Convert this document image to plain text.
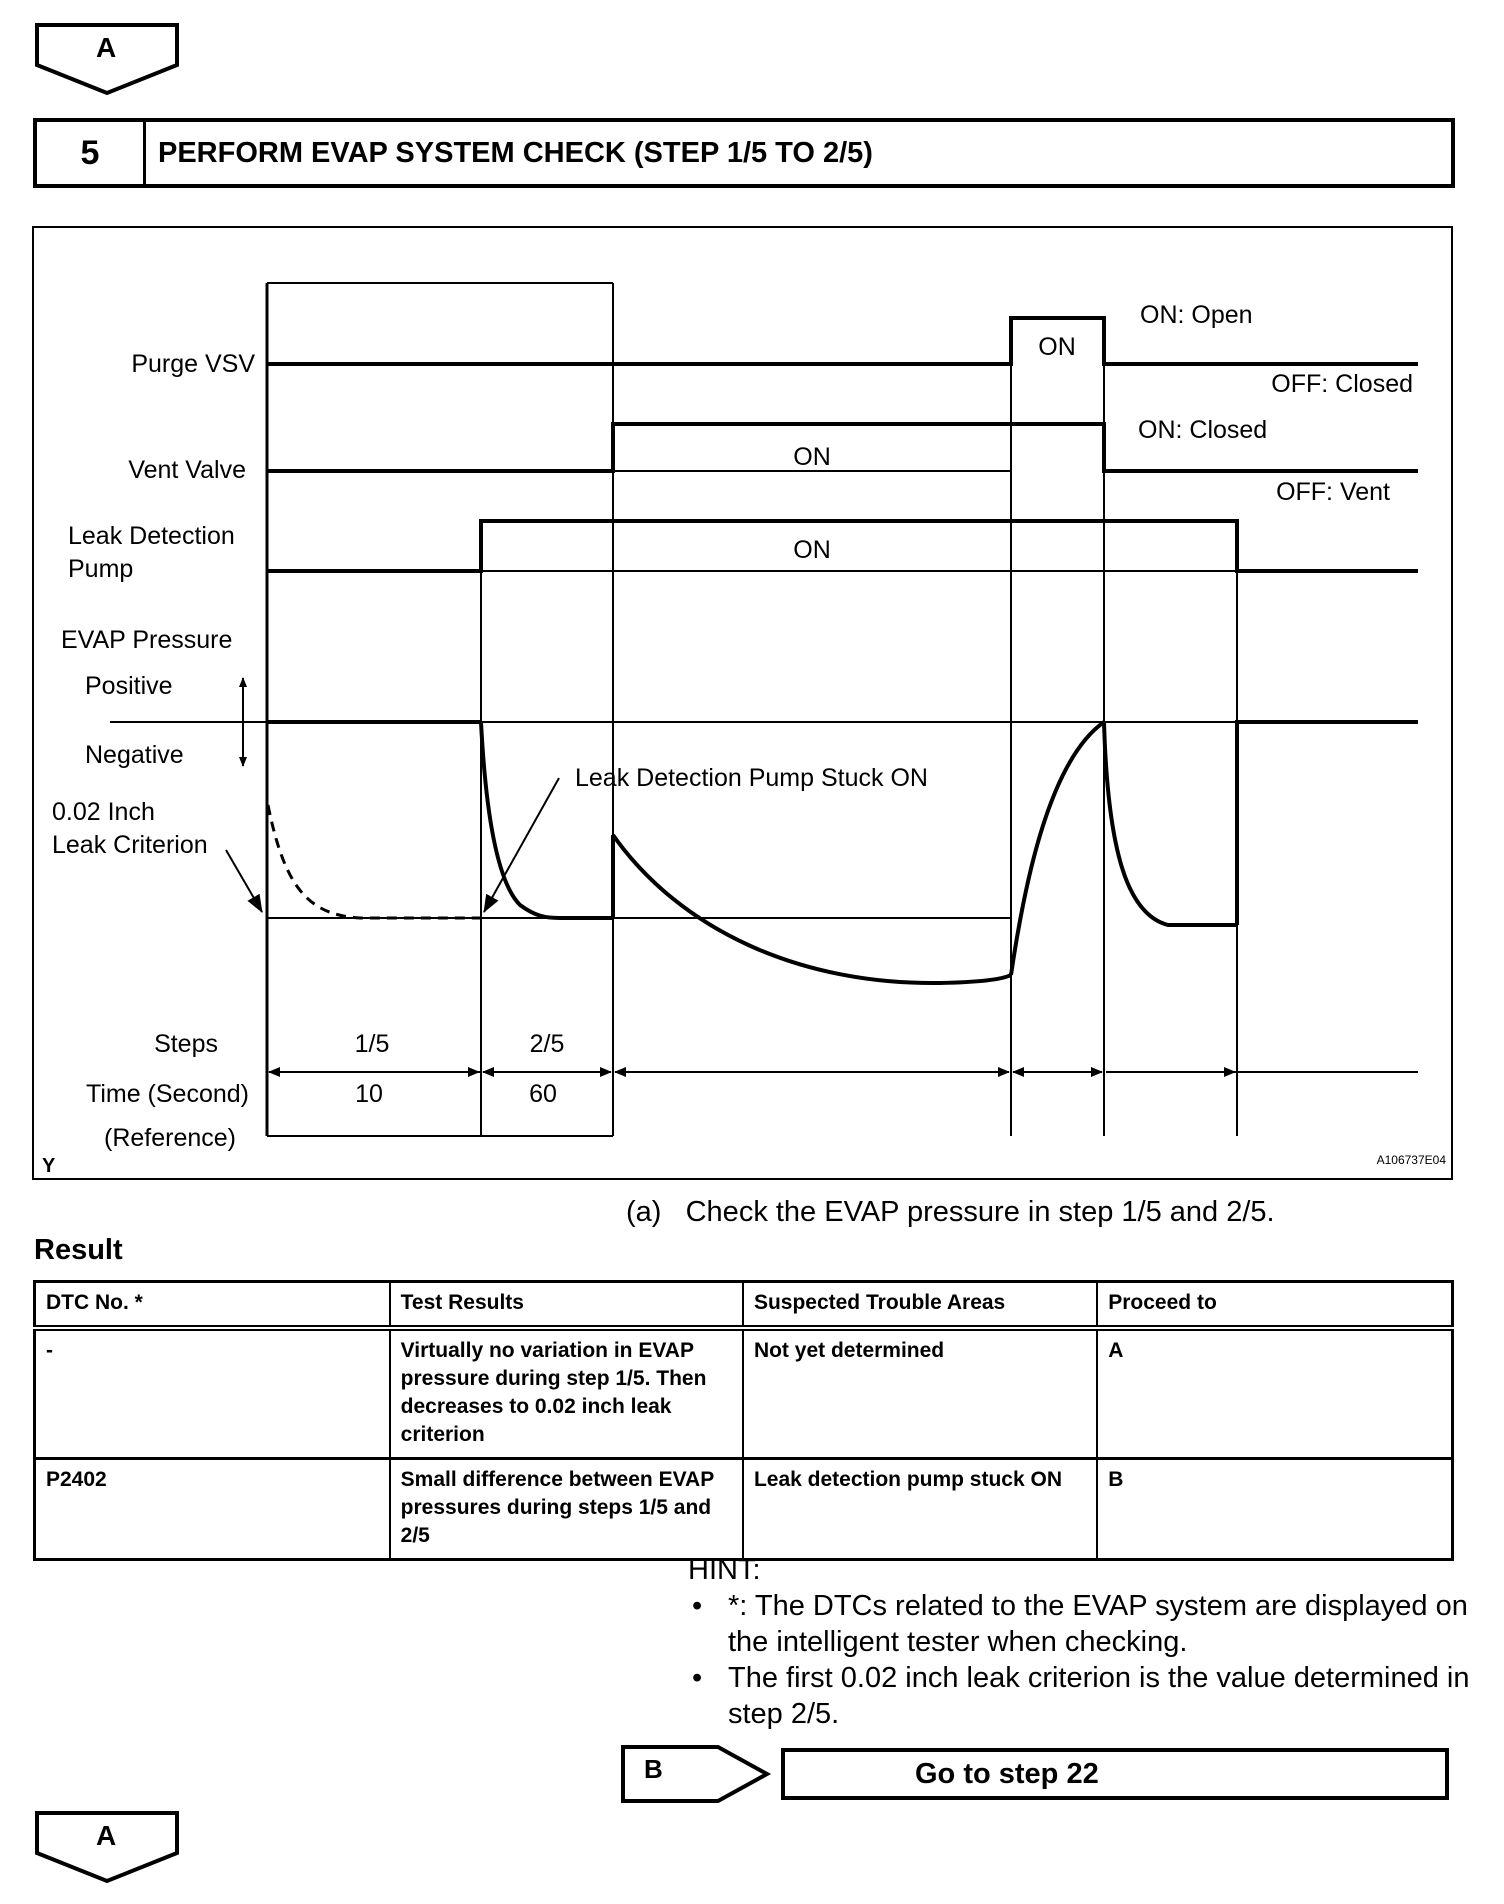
A
5	PERFORM EVAP SYSTEM CHECK (STEP 1/5 TO 2/5)
Purge VSV
Vent Valve
Leak Detection
Pump
EVAP Pressure
Positive
Negative
0.02 Inch
Leak Criterion
ON
ON
ON
ON: Open
OFF: Closed
ON: Closed
OFF: Vent
Leak Detection Pump Stuck ON
Steps
Time (Second)
(Reference)
1/5	2/5
10	60
Y	A106737E04
(a)   Check the EVAP pressure in step 1/5 and 2/5.
Result
DTC No. *	Test Results	Suspected Trouble Areas	Proceed to
-	Virtually no variation in EVAP pressure during step 1/5. Then decreases to 0.02 inch leak criterion	Not yet determined	A
P2402	Small difference between EVAP pressures during steps 1/5 and 2/5	Leak detection pump stuck ON	B
HINT:
• *: The DTCs related to the EVAP system are displayed on the intelligent tester when checking.
• The first 0.02 inch leak criterion is the value determined in step 2/5.
B	Go to step 22
A
